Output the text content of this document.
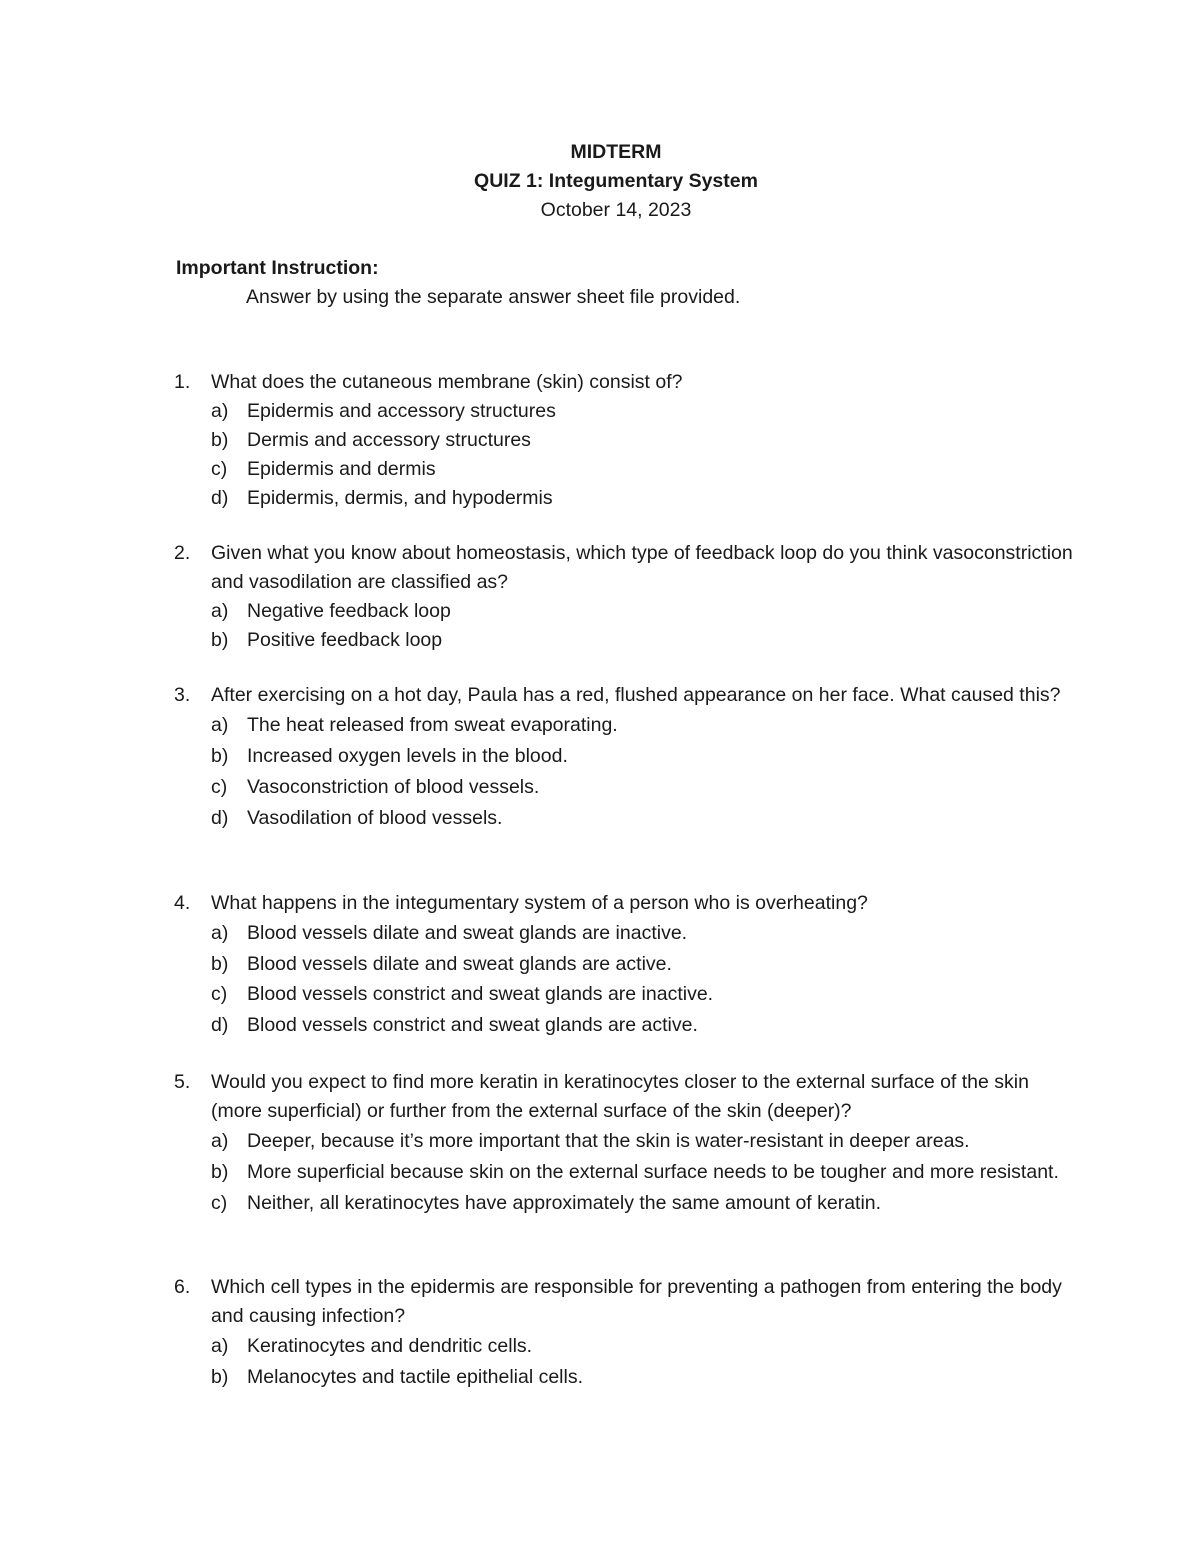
MIDTERM
QUIZ 1: Integumentary System
October 14, 2023
Important Instruction:
Answer by using the separate answer sheet file provided.
1. What does the cutaneous membrane (skin) consist of?
a) Epidermis and accessory structures
b) Dermis and accessory structures
c) Epidermis and dermis
d) Epidermis, dermis, and hypodermis
2. Given what you know about homeostasis, which type of feedback loop do you think vasoconstriction and vasodilation are classified as?
a) Negative feedback loop
b) Positive feedback loop
3. After exercising on a hot day, Paula has a red, flushed appearance on her face. What caused this?
a) The heat released from sweat evaporating.
b) Increased oxygen levels in the blood.
c) Vasoconstriction of blood vessels.
d) Vasodilation of blood vessels.
4. What happens in the integumentary system of a person who is overheating?
a) Blood vessels dilate and sweat glands are inactive.
b) Blood vessels dilate and sweat glands are active.
c) Blood vessels constrict and sweat glands are inactive.
d) Blood vessels constrict and sweat glands are active.
5. Would you expect to find more keratin in keratinocytes closer to the external surface of the skin (more superficial) or further from the external surface of the skin (deeper)?
a) Deeper, because it’s more important that the skin is water-resistant in deeper areas.
b) More superficial because skin on the external surface needs to be tougher and more resistant.
c) Neither, all keratinocytes have approximately the same amount of keratin.
6. Which cell types in the epidermis are responsible for preventing a pathogen from entering the body and causing infection?
a) Keratinocytes and dendritic cells.
b) Melanocytes and tactile epithelial cells.
